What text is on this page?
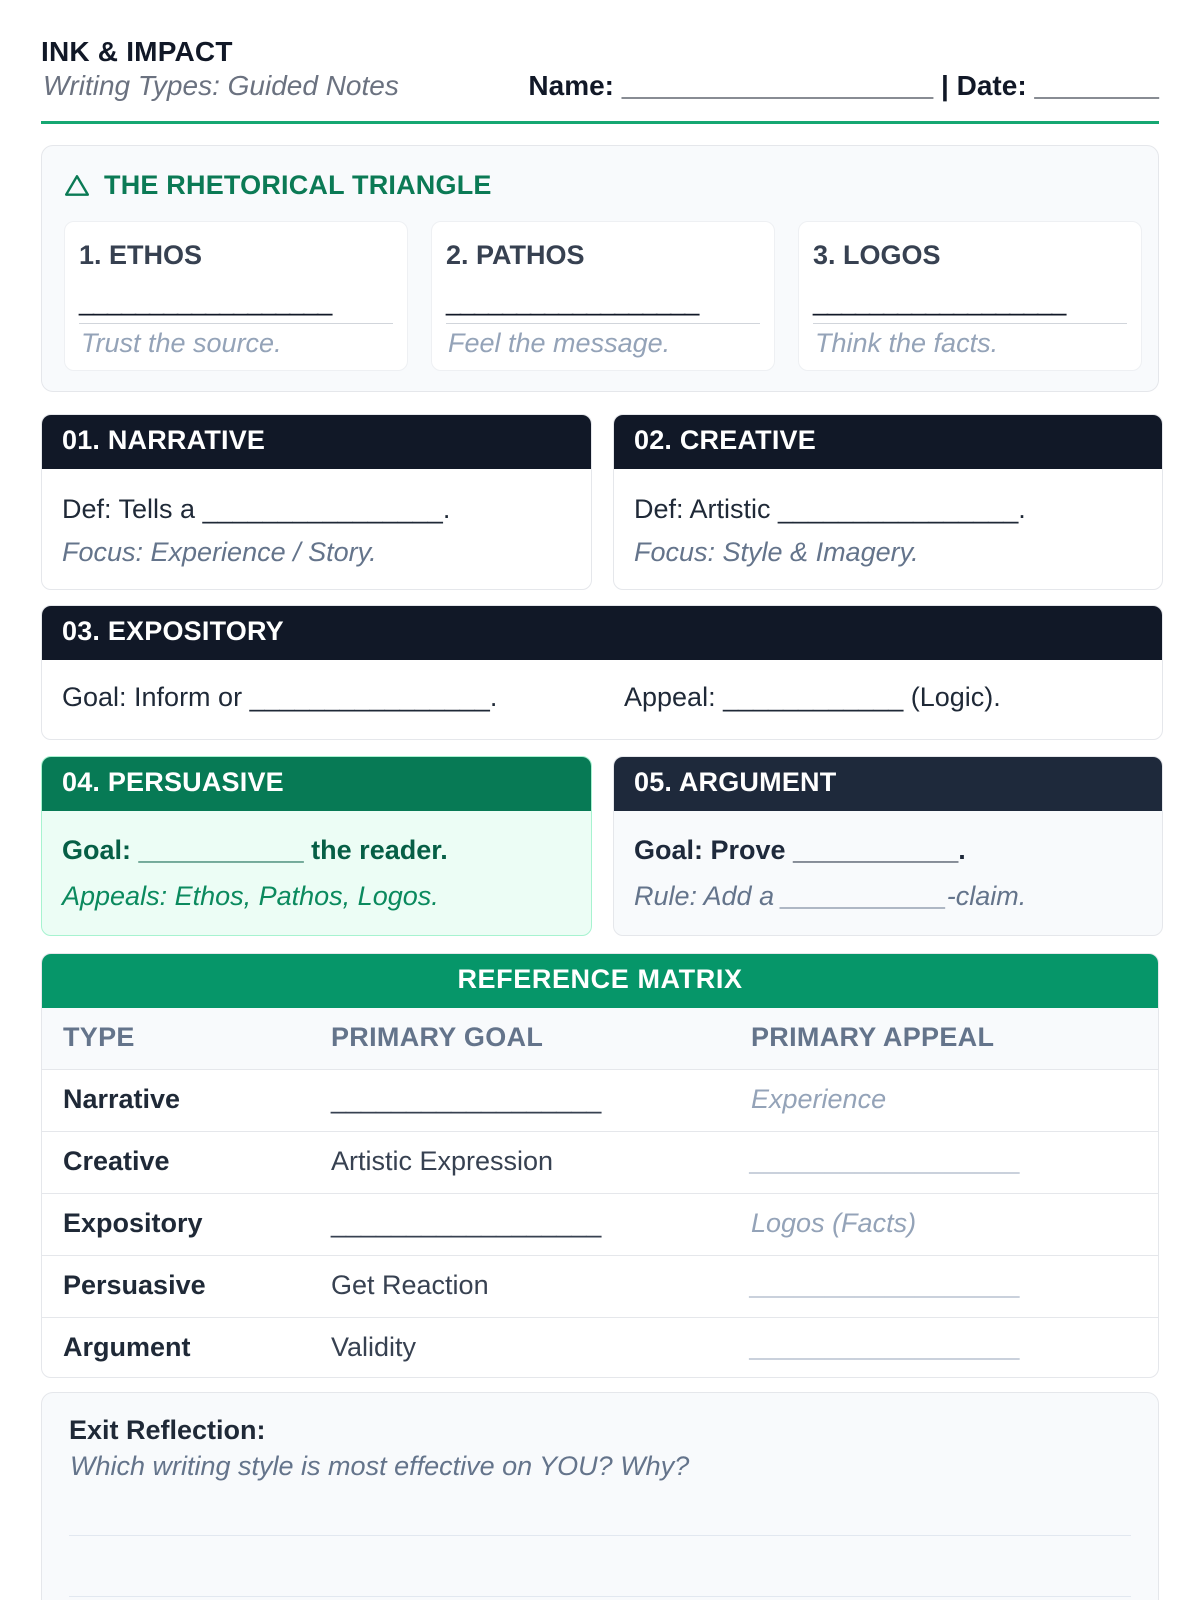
INK & IMPACT
Writing Types: Guided Notes	Name: ____________________ | Date: ________
THE RHETORICAL TRIANGLE
1. ETHOS
__________________
Trust the source.
2. PATHOS
__________________
Feel the message.
3. LOGOS
__________________
Think the facts.
01. NARRATIVE
Def: Tells a ________________.
Focus: Experience / Story.
02. CREATIVE
Def: Artistic ________________.
Focus: Style & Imagery.
03. EXPOSITORY
Goal: Inform or ________________.	Appeal: ____________ (Logic).
04. PERSUASIVE
Goal: ___________ the reader.
Appeals: Ethos, Pathos, Logos.
05. ARGUMENT
Goal: Prove ___________.
Rule: Add a ___________-claim.
REFERENCE MATRIX
TYPE	PRIMARY GOAL	PRIMARY APPEAL
Narrative	__________________	Experience
Creative	Artistic Expression	__________________
Expository	__________________	Logos (Facts)
Persuasive	Get Reaction	__________________
Argument	Validity	__________________
Exit Reflection:
Which writing style is most effective on YOU? Why?
